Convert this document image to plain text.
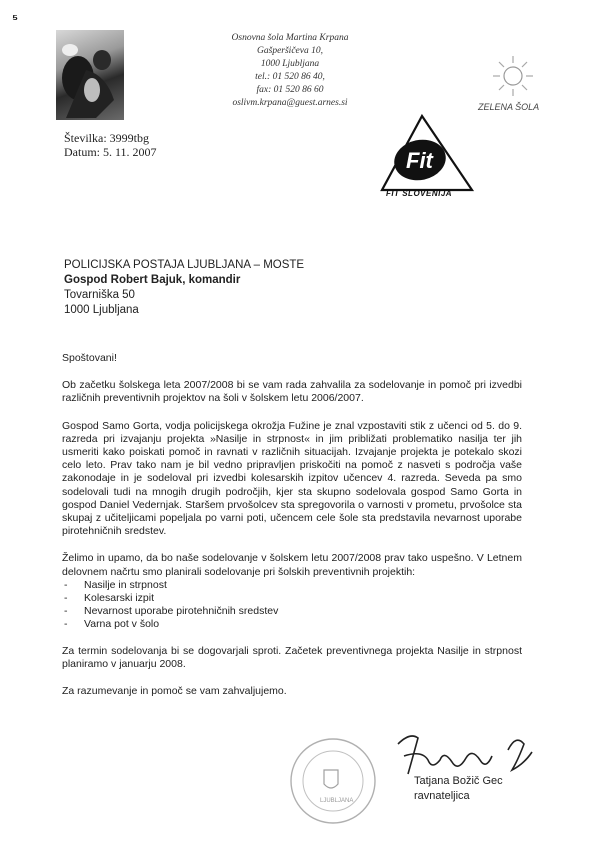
⁵
Osnovna šola Martina Krpana
Gašperšičeva 10,
1000 Ljubljana
tel.: 01 520 86 40,
fax: 01 520 86 60
oslivm.krpana@guest.arnes.si	ZELENA ŠOLA
Fit
FIT SLOVENIJA
Številka: 3999tbg
Datum: 5. 11. 2007
POLICIJSKA POSTAJA LJUBLJANA – MOSTE
Gospod Robert Bajuk, komandir
Tovarniška 50
1000 Ljubljana

Spoštovani!

Ob začetku šolskega leta 2007/2008 bi se vam rada zahvalila za sodelovanje in pomoč pri izvedbi različnih preventivnih projektov na šoli v šolskem letu 2006/2007.

Gospod Samo Gorta, vodja policijskega okrožja Fužine je znal vzpostaviti stik z učenci od 5. do 9. razreda pri izvajanju projekta »Nasilje in strpnost« in jim približati problematiko nasilja ter jih usmeriti kako poiskati pomoč in ravnati v različnih situacijah. Izvajanje projekta je potekalo skozi celo leto. Prav tako nam je bil vedno pripravljen priskočiti na pomoč z nasveti s področja vaše zakonodaje in je sodeloval pri izvedbi kolesarskih izpitov učencev 4. razreda. Seveda pa smo sodelovali tudi na mnogih drugih področjih, kjer sta skupno sodelovala gospod Samo Gorta in gospod Daniel Vedernjak. Staršem prvošolcev sta spregovorila o varnosti v prometu, prvošolce sta skupaj z učiteljicami popeljala po varni poti, učencem cele šole sta predstavila nevarnost uporabe pirotehničnih sredstev.

Želimo in upamo, da bo naše sodelovanje v šolskem letu 2007/2008 prav tako uspešno. V Letnem delovnem načrtu smo planirali sodelovanje pri šolskih preventivnih projektih:

- Nasilje in strpnost
- Kolesarski izpit
- Nevarnost uporabe pirotehničnih sredstev
- Varna pot v šolo

Za termin sodelovanja bi se dogovarjali sproti. Začetek preventivnega projekta Nasilje in strpnost planiramo v januarju 2008.

Za razumevanje in pomoč se vam zahvaljujemo.

LJUBLJANA
Tatjana Božič Gec
ravnateljica
